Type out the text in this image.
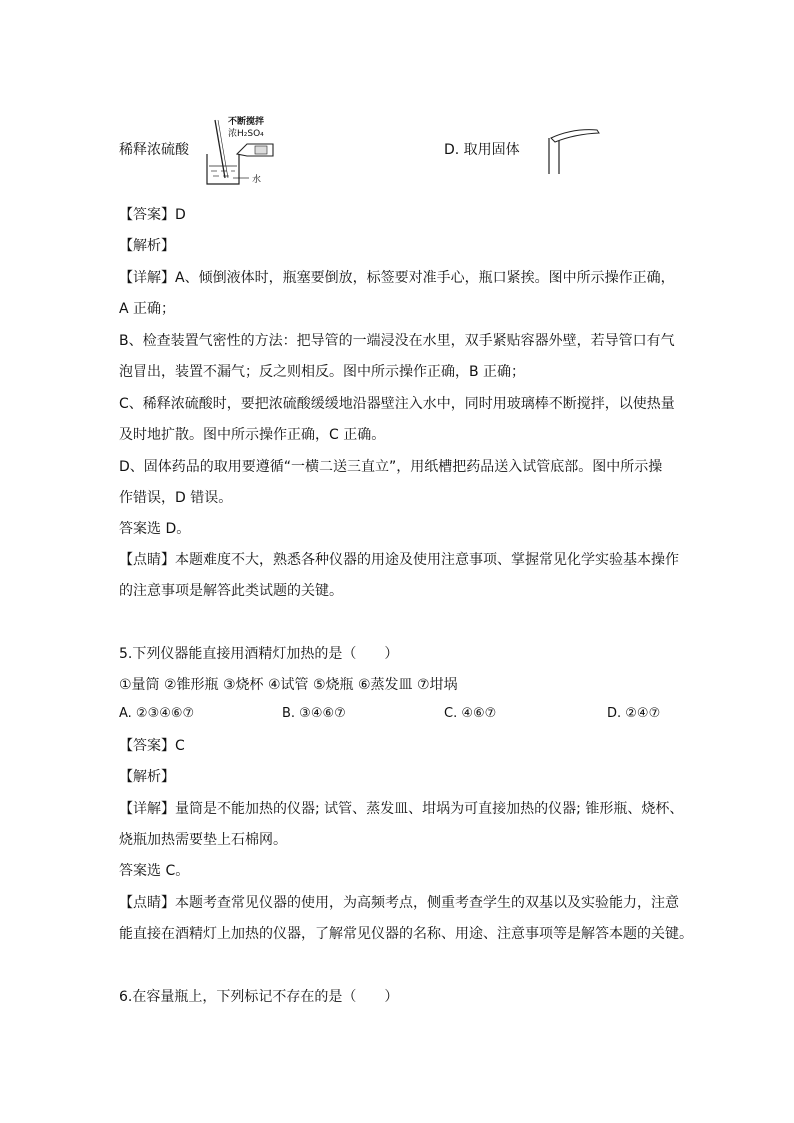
稀释浓硫酸
不断搅拌
浓H₂SO₄
水
D. 取用固体
【答案】D
【解析】
【详解】A、倾倒液体时，瓶塞要倒放，标签要对准手心，瓶口紧挨。图中所示操作正确，
A 正确；
B、检查装置气密性的方法：把导管的一端浸没在水里，双手紧贴容器外壁，若导管口有气
泡冒出，装置不漏气；反之则相反。图中所示操作正确，B 正确；
C、稀释浓硫酸时，要把浓硫酸缓缓地沿器壁注入水中，同时用玻璃棒不断搅拌，以使热量
及时地扩散。图中所示操作正确，C 正确。
D、固体药品的取用要遵循“一横二送三直立”，用纸槽把药品送入试管底部。图中所示操
作错误，D 错误。
答案选 D。
【点睛】本题难度不大，熟悉各种仪器的用途及使用注意事项、掌握常见化学实验基本操作
的注意事项是解答此类试题的关键。
5.下列仪器能直接用酒精灯加热的是（　　）
①量筒 ②锥形瓶 ③烧杯 ④试管 ⑤烧瓶 ⑥蒸发皿 ⑦坩埚
A. ②③④⑥⑦	B. ③④⑥⑦	C. ④⑥⑦	D. ②④⑦
【答案】C
【解析】
【详解】量筒是不能加热的仪器; 试管、蒸发皿、坩埚为可直接加热的仪器; 锥形瓶、烧杯、
烧瓶加热需要垫上石棉网。
答案选 C。
【点睛】本题考查常见仪器的使用，为高频考点，侧重考查学生的双基以及实验能力，注意
能直接在酒精灯上加热的仪器，了解常见仪器的名称、用途、注意事项等是解答本题的关键。
6.在容量瓶上，下列标记不存在的是（　　）
